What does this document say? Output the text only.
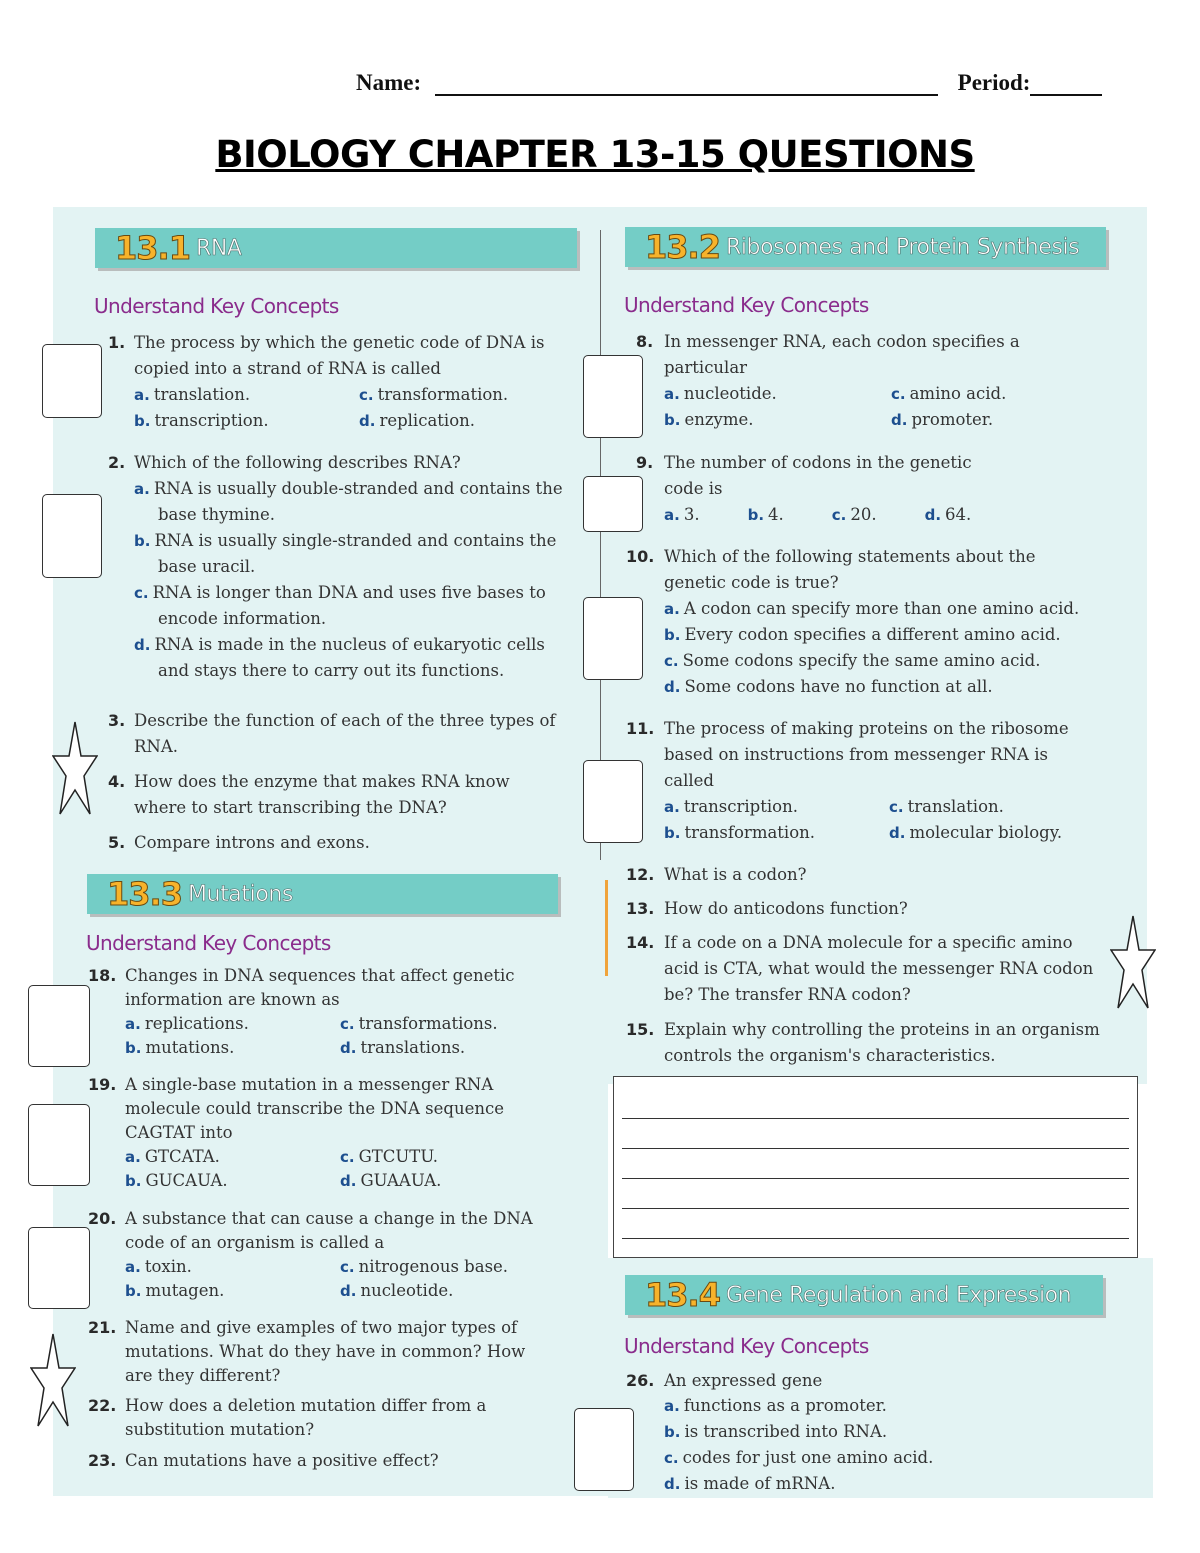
Name:	Period:
BIOLOGY CHAPTER 13-15 QUESTIONS
13.1 RNA
Understand Key Concepts
1. The process by which the genetic code of DNA is copied into a strand of RNA is called
a. translation.	c. transformation.
b. transcription.	d. replication.
2. Which of the following describes RNA?
a. RNA is usually double-stranded and contains the base thymine.
b. RNA is usually single-stranded and contains the base uracil.
c. RNA is longer than DNA and uses five bases to encode information.
d. RNA is made in the nucleus of eukaryotic cells and stays there to carry out its functions.
3. Describe the function of each of the three types of RNA.
4. How does the enzyme that makes RNA know where to start transcribing the DNA?
5. Compare introns and exons.
13.2 Ribosomes and Protein Synthesis
Understand Key Concepts
8. In messenger RNA, each codon specifies a particular
a. nucleotide.	c. amino acid.
b. enzyme.	d. promoter.
9. The number of codons in the genetic code is
a. 3.	b. 4.	c. 20.	d. 64.
10. Which of the following statements about the genetic code is true?
a. A codon can specify more than one amino acid.
b. Every codon specifies a different amino acid.
c. Some codons specify the same amino acid.
d. Some codons have no function at all.
11. The process of making proteins on the ribosome based on instructions from messenger RNA is called
a. transcription.	c. translation.
b. transformation.	d. molecular biology.
12. What is a codon?
13. How do anticodons function?
14. If a code on a DNA molecule for a specific amino acid is CTA, what would the messenger RNA codon be? The transfer RNA codon?
15. Explain why controlling the proteins in an organism controls the organism's characteristics.
13.3 Mutations
Understand Key Concepts
18. Changes in DNA sequences that affect genetic information are known as
a. replications.	c. transformations.
b. mutations.	d. translations.
19. A single-base mutation in a messenger RNA molecule could transcribe the DNA sequence CAGTAT into
a. GTCATA.	c. GTCUTU.
b. GUCAUA.	d. GUAAUA.
20. A substance that can cause a change in the DNA code of an organism is called a
a. toxin.	c. nitrogenous base.
b. mutagen.	d. nucleotide.
21. Name and give examples of two major types of mutations. What do they have in common? How are they different?
22. How does a deletion mutation differ from a substitution mutation?
23. Can mutations have a positive effect?
13.4 Gene Regulation and Expression
Understand Key Concepts
26. An expressed gene
a. functions as a promoter.
b. is transcribed into RNA.
c. codes for just one amino acid.
d. is made of mRNA.
